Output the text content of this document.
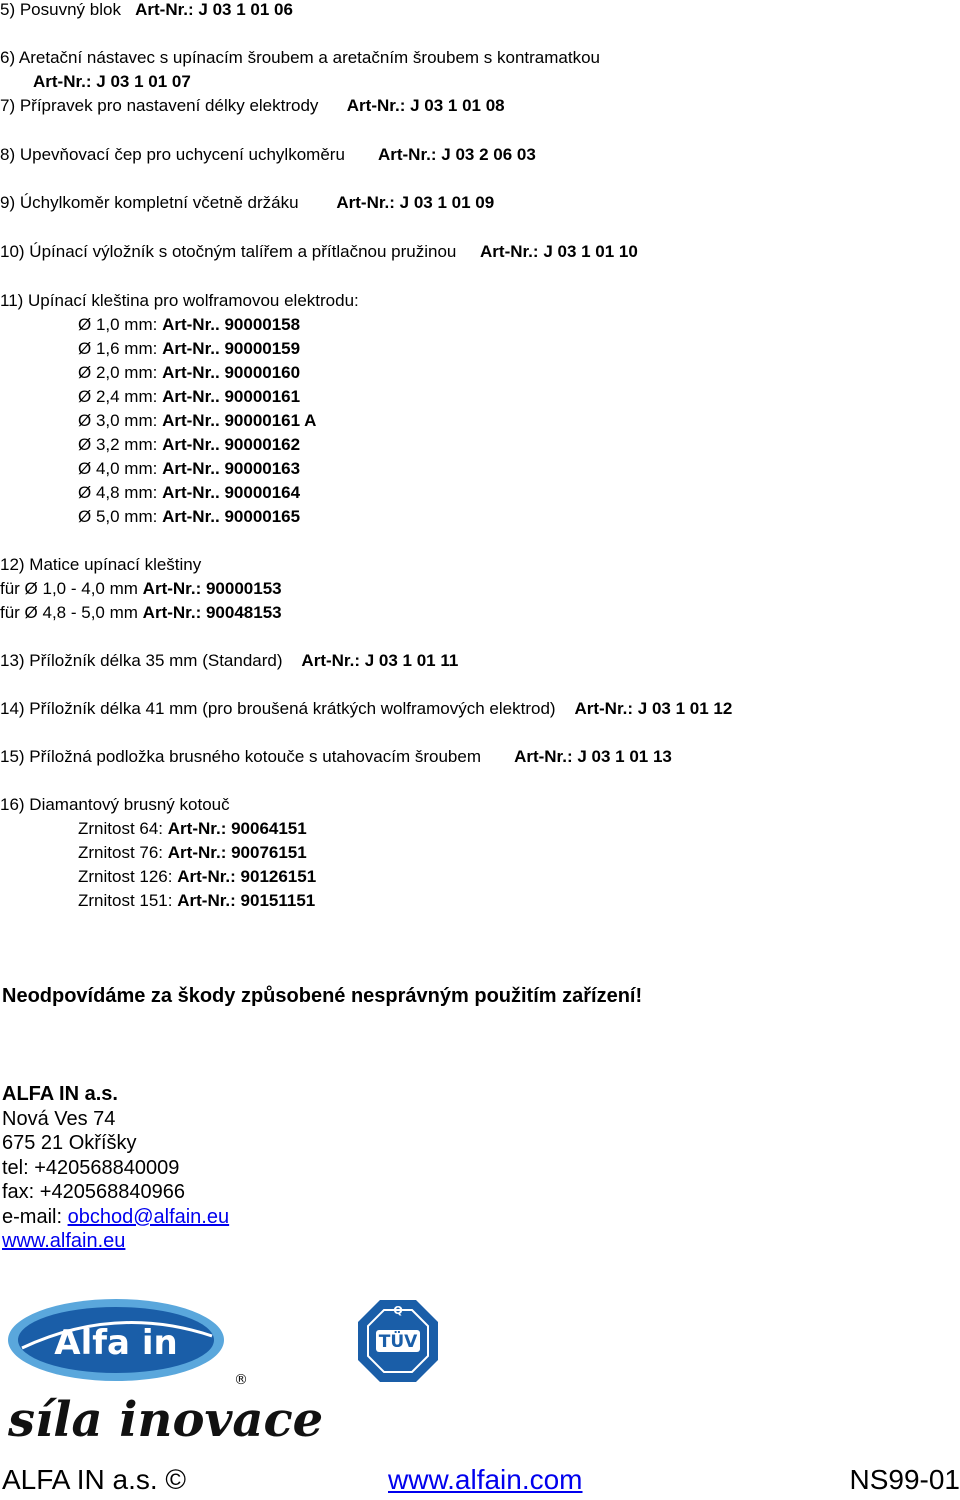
5) Posuvný blok Art-Nr.: J 03 1 01 06
6) Aretační nástavec s upínacím šroubem a aretačním šroubem s kontramatkou
Art-Nr.: J 03 1 01 07
7) Přípravek pro nastavení délky elektrody Art-Nr.: J 03 1 01 08
8) Upevňovací čep pro uchycení uchylkoměru Art-Nr.: J 03 2 06 03
9) Úchylkoměr kompletní včetně držáku Art-Nr.: J 03 1 01 09
10) Úpínací výložník s otočným talířem a přítlačnou pružinou Art-Nr.: J 03 1 01 10
11) Upínací kleština pro wolframovou elektrodu:
Ø 1,0 mm: Art-Nr.. 90000158
Ø 1,6 mm: Art-Nr.. 90000159
Ø 2,0 mm: Art-Nr.. 90000160
Ø 2,4 mm: Art-Nr.. 90000161
Ø 3,0 mm: Art-Nr.. 90000161 A
Ø 3,2 mm: Art-Nr.. 90000162
Ø 4,0 mm: Art-Nr.. 90000163
Ø 4,8 mm: Art-Nr.. 90000164
Ø 5,0 mm: Art-Nr.. 90000165
12) Matice upínací kleštiny
für Ø 1,0 - 4,0 mm Art-Nr.: 90000153
für Ø 4,8 - 5,0 mm Art-Nr.: 90048153
13) Příložník délka 35 mm (Standard) Art-Nr.: J 03 1 01 11
14) Příložník délka 41 mm (pro broušená krátkých wolframových elektrod) Art-Nr.: J 03 1 01 12
15) Příložná podložka brusného kotouče s utahovacím šroubem Art-Nr.: J 03 1 01 13
16) Diamantový brusný kotouč
Zrnitost 64: Art-Nr.: 90064151
Zrnitost 76: Art-Nr.: 90076151
Zrnitost 126: Art-Nr.: 90126151
Zrnitost 151: Art-Nr.: 90151151
Neodpovídáme za škody způsobené nesprávným použitím zařízení!
ALFA IN a.s.
Nová Ves 74
675 21 Okříšky
tel: +420568840009
fax: +420568840966
e-mail: obchod@alfain.eu
www.alfain.eu
Alfa in
®
síla inovace
Q
TÜV
ALFA IN a.s. ©	www.alfain.com	NS99-01
